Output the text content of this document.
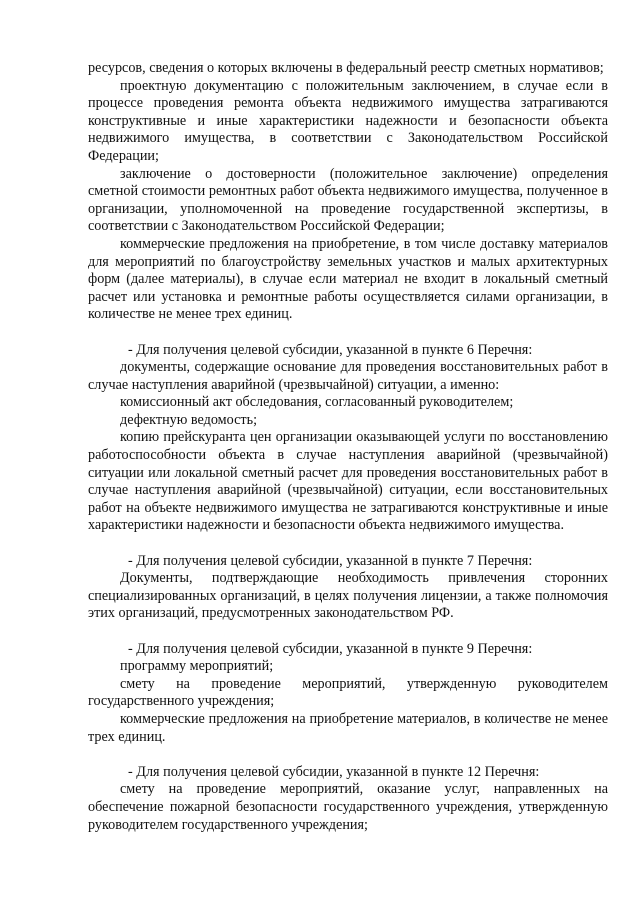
ресурсов, сведения о которых включены в федеральный реестр сметных нормативов;

проектную документацию с положительным заключением, в случае если в процессе проведения ремонта объекта недвижимого имущества затрагиваются конструктивные и иные характеристики надежности и безопасности объекта недвижимого имущества, в соответствии с Законодательством Российской Федерации;

заключение о достоверности (положительное заключение) определения сметной стоимости ремонтных работ объекта недвижимого имущества, полученное в организации, уполномоченной на проведение государственной экспертизы, в соответствии с Законодательством Российской Федерации;

коммерческие предложения на приобретение, в том числе доставку материалов для мероприятий по благоустройству земельных участков и малых архитектурных форм (далее материалы), в случае если материал не входит в локальный сметный расчет или установка и ремонтные работы осуществляется силами организации, в количестве не менее трех единиц.

- Для получения целевой субсидии, указанной в пункте 6 Перечня:

документы, содержащие основание для проведения восстановительных работ в случае наступления аварийной (чрезвычайной) ситуации, а именно:

комиссионный акт обследования, согласованный руководителем;

дефектную ведомость;

копию прейскуранта цен организации оказывающей услуги по восстановлению работоспособности объекта в случае наступления аварийной (чрезвычайной) ситуации или локальной сметный расчет для проведения восстановительных работ в случае наступления аварийной (чрезвычайной) ситуации, если восстановительных работ на объекте недвижимого имущества не затрагиваются конструктивные и иные характеристики надежности и безопасности объекта недвижимого имущества.

- Для получения целевой субсидии, указанной в пункте 7 Перечня:

Документы, подтверждающие необходимость привлечения сторонних специализированных организаций, в целях получения лицензии, а также полномочия этих организаций, предусмотренных законодательством РФ.

- Для получения целевой субсидии, указанной в пункте 9 Перечня:

программу мероприятий;

смету на проведение мероприятий, утвержденную руководителем государственного учреждения;

коммерческие предложения на приобретение материалов, в количестве не менее трех единиц.

- Для получения целевой субсидии, указанной в пункте 12 Перечня:

смету на проведение мероприятий, оказание услуг, направленных на обеспечение пожарной безопасности государственного учреждения, утвержденную руководителем государственного учреждения;
